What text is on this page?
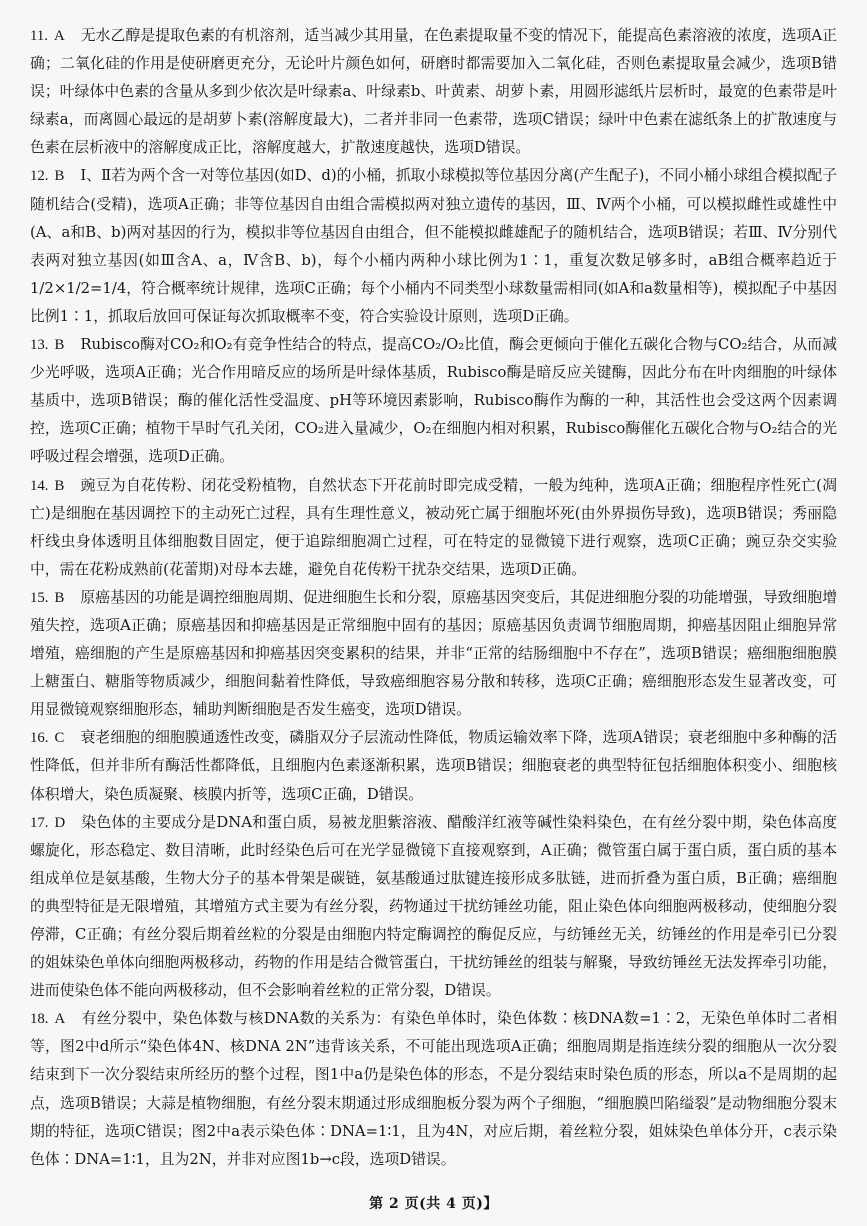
11. A 无水乙醇是提取色素的有机溶剂，适当减少其用量，在色素提取量不变的情况下，能提高色素溶液的浓度，选项A正确；二氧化硅的作用是使研磨更充分，无论叶片颜色如何，研磨时都需要加入二氧化硅，否则色素提取量会减少，选项B错误；叶绿体中色素的含量从多到少依次是叶绿素a、叶绿素b、叶黄素、胡萝卜素，用圆形滤纸片层析时，最宽的色素带是叶绿素a，而离圆心最远的是胡萝卜素(溶解度最大)，二者并非同一色素带，选项C错误；绿叶中色素在滤纸条上的扩散速度与色素在层析液中的溶解度成正比，溶解度越大，扩散速度越快，选项D错误。

12. B Ⅰ、Ⅱ若为两个含一对等位基因(如D、d)的小桶，抓取小球模拟等位基因分离(产生配子)，不同小桶小球组合模拟配子随机结合(受精)，选项A正确；非等位基因自由组合需模拟两对独立遗传的基因，Ⅲ、Ⅳ两个小桶，可以模拟雌性或雄性中(A、a和B、b)两对基因的行为，模拟非等位基因自由组合，但不能模拟雌雄配子的随机结合，选项B错误；若Ⅲ、Ⅳ分别代表两对独立基因(如Ⅲ含A、a，Ⅳ含B、b)，每个小桶内两种小球比例为1∶1，重复次数足够多时，aB组合概率趋近于1/2×1/2=1/4，符合概率统计规律，选项C正确；每个小桶内不同类型小球数量需相同(如A和a数量相等)，模拟配子中基因比例1∶1，抓取后放回可保证每次抓取概率不变，符合实验设计原则，选项D正确。

13. B Rubisco酶对CO₂和O₂有竞争性结合的特点，提高CO₂/O₂比值，酶会更倾向于催化五碳化合物与CO₂结合，从而减少光呼吸，选项A正确；光合作用暗反应的场所是叶绿体基质，Rubisco酶是暗反应关键酶，因此分布在叶肉细胞的叶绿体基质中，选项B错误；酶的催化活性受温度、pH等环境因素影响，Rubisco酶作为酶的一种，其活性也会受这两个因素调控，选项C正确；植物干旱时气孔关闭，CO₂进入量减少，O₂在细胞内相对积累，Rubisco酶催化五碳化合物与O₂结合的光呼吸过程会增强，选项D正确。

14. B 豌豆为自花传粉、闭花受粉植物，自然状态下开花前时即完成受精，一般为纯种，选项A正确；细胞程序性死亡(凋亡)是细胞在基因调控下的主动死亡过程，具有生理性意义，被动死亡属于细胞坏死(由外界损伤导致)，选项B错误；秀丽隐杆线虫身体透明且体细胞数目固定，便于追踪细胞凋亡过程，可在特定的显微镜下进行观察，选项C正确；豌豆杂交实验中，需在花粉成熟前(花蕾期)对母本去雄，避免自花传粉干扰杂交结果，选项D正确。

15. B 原癌基因的功能是调控细胞周期、促进细胞生长和分裂，原癌基因突变后，其促进细胞分裂的功能增强，导致细胞增殖失控，选项A正确；原癌基因和抑癌基因是正常细胞中固有的基因；原癌基因负责调节细胞周期，抑癌基因阻止细胞异常增殖，癌细胞的产生是原癌基因和抑癌基因突变累积的结果，并非“正常的结肠细胞中不存在”，选项B错误；癌细胞细胞膜上糖蛋白、糖脂等物质减少，细胞间黏着性降低，导致癌细胞容易分散和转移，选项C正确；癌细胞形态发生显著改变，可用显微镜观察细胞形态，辅助判断细胞是否发生癌变，选项D错误。

16. C 衰老细胞的细胞膜通透性改变，磷脂双分子层流动性降低，物质运输效率下降，选项A错误；衰老细胞中多种酶的活性降低，但并非所有酶活性都降低，且细胞内色素逐渐积累，选项B错误；细胞衰老的典型特征包括细胞体积变小、细胞核体积增大，染色质凝聚、核膜内折等，选项C正确，D错误。

17. D 染色体的主要成分是DNA和蛋白质，易被龙胆紫溶液、醋酸洋红液等碱性染料染色，在有丝分裂中期，染色体高度螺旋化，形态稳定、数目清晰，此时经染色后可在光学显微镜下直接观察到，A正确；微管蛋白属于蛋白质，蛋白质的基本组成单位是氨基酸，生物大分子的基本骨架是碳链，氨基酸通过肽键连接形成多肽链，进而折叠为蛋白质，B正确；癌细胞的典型特征是无限增殖，其增殖方式主要为有丝分裂，药物通过干扰纺锤丝功能，阻止染色体向细胞两极移动，使细胞分裂停滞，C正确；有丝分裂后期着丝粒的分裂是由细胞内特定酶调控的酶促反应，与纺锤丝无关，纺锤丝的作用是牵引已分裂的姐妹染色单体向细胞两极移动，药物的作用是结合微管蛋白，干扰纺锤丝的组装与解聚，导致纺锤丝无法发挥牵引功能，进而使染色体不能向两极移动，但不会影响着丝粒的正常分裂，D错误。

18. A 有丝分裂中，染色体数与核DNA数的关系为：有染色单体时，染色体数∶核DNA数=1∶2，无染色单体时二者相等，图2中d所示“染色体4N、核DNA 2N”违背该关系，不可能出现选项A正确；细胞周期是指连续分裂的细胞从一次分裂结束到下一次分裂结束所经历的整个过程，图1中a仍是染色体的形态，不是分裂结束时染色质的形态，所以a不是周期的起点，选项B错误；大蒜是植物细胞，有丝分裂末期通过形成细胞板分裂为两个子细胞，“细胞膜凹陷缢裂”是动物细胞分裂末期的特征，选项C错误；图2中a表示染色体∶DNA=1∶1，且为4N，对应后期，着丝粒分裂，姐妹染色单体分开，c表示染色体∶DNA=1∶1，且为2N，并非对应图1b→c段，选项D错误。

第 2 页(共 4 页)】
